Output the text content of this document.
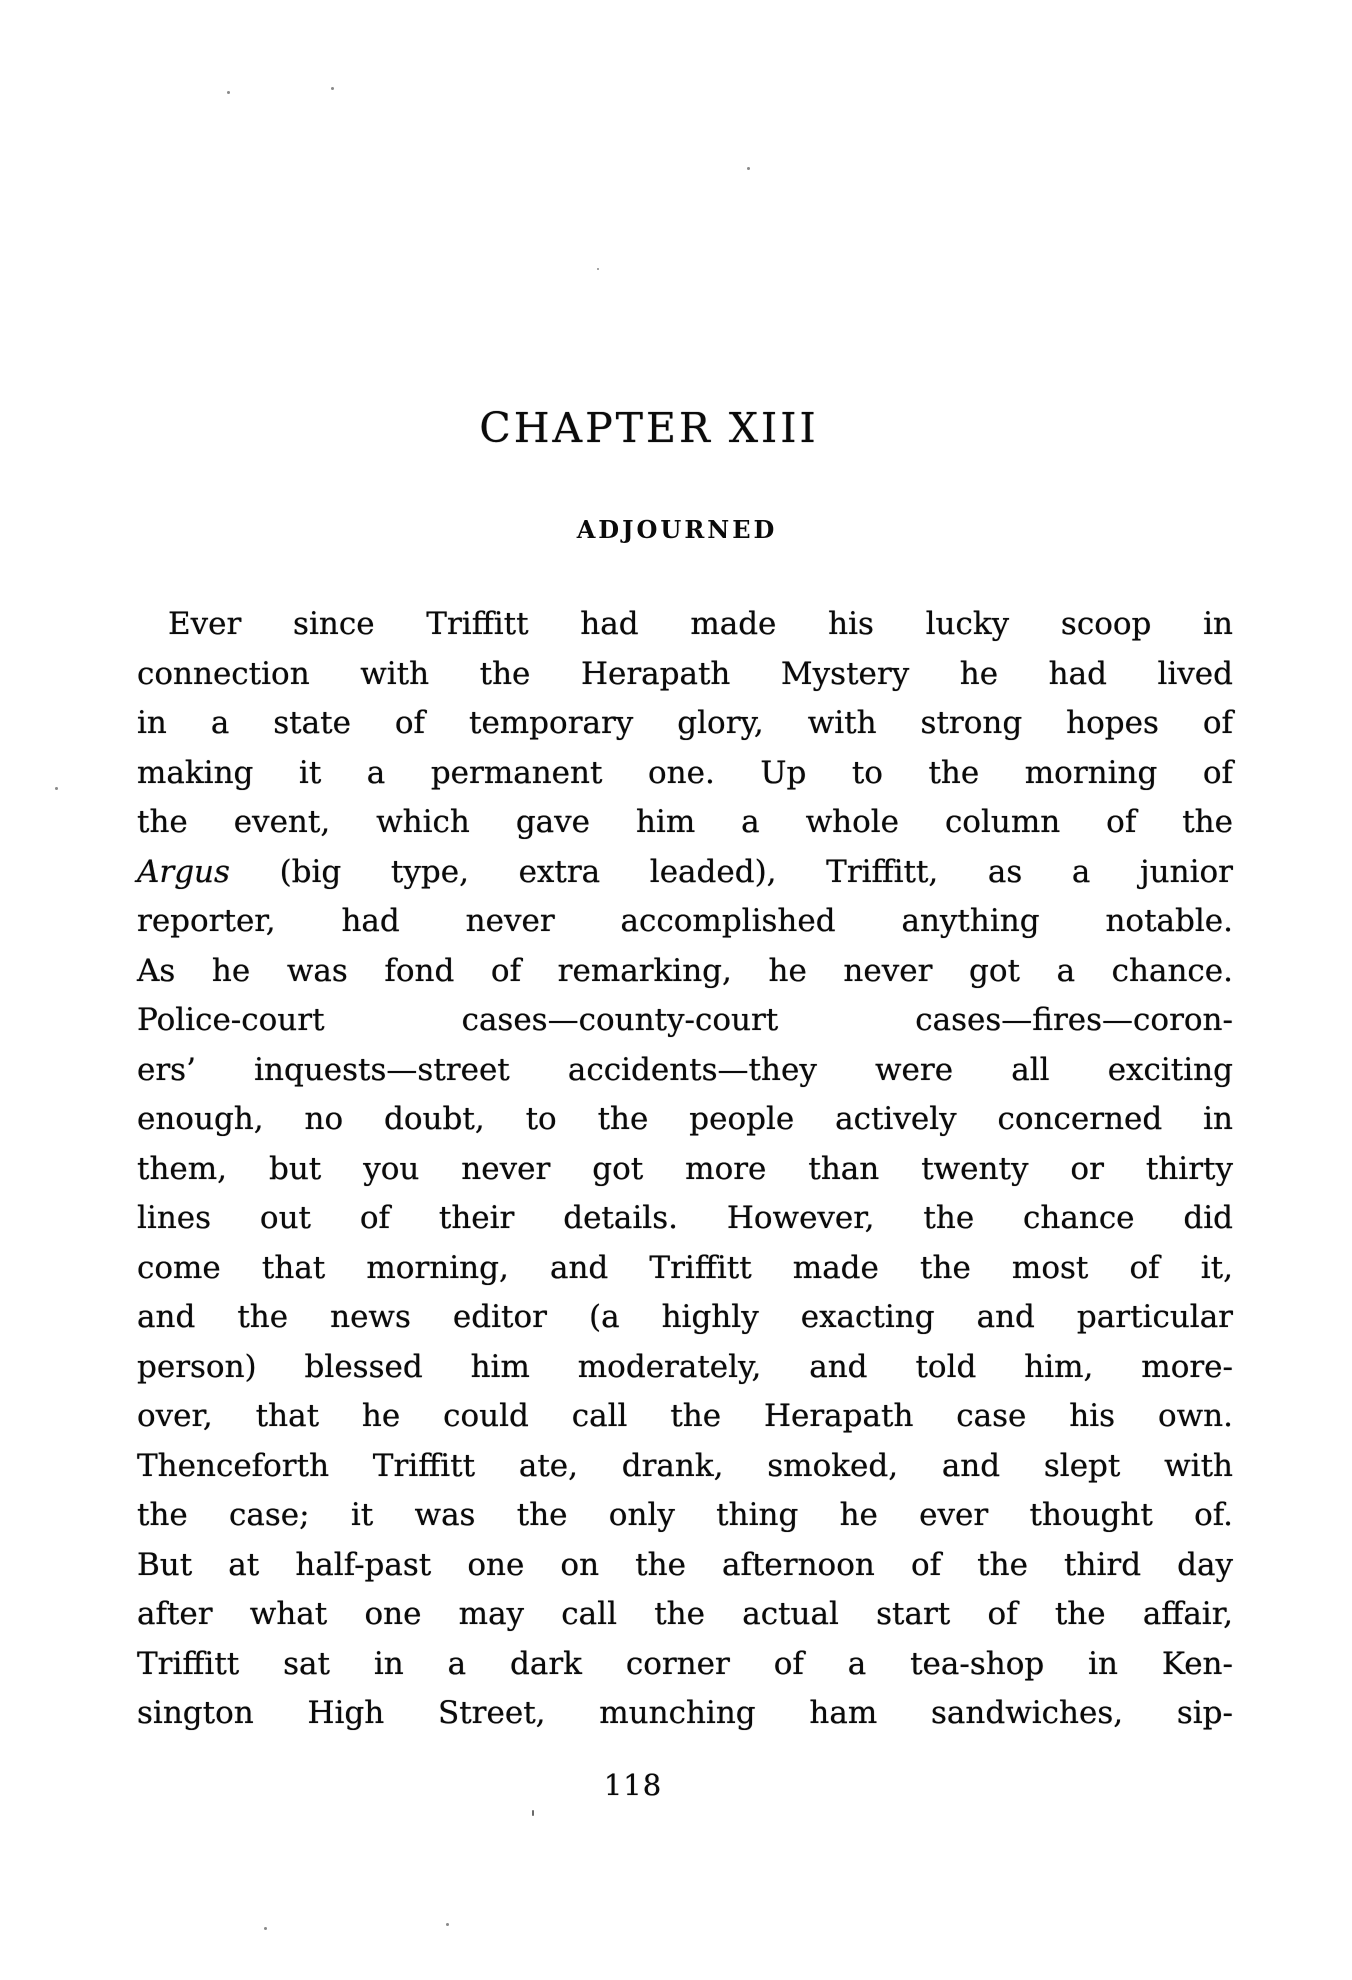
CHAPTER XIII
ADJOURNED
Ever since Triffitt had made his lucky scoop in
connection with the Herapath Mystery he had lived
in a state of temporary glory, with strong hopes of
making it a permanent one. Up to the morning of
the event, which gave him a whole column of the
Argus (big type, extra leaded), Triffitt, as a junior
reporter, had never accomplished anything notable.
As he was fond of remarking, he never got a chance.
Police-court cases—county-court cases—fires—coron-
ers’ inquests—street accidents—they were all exciting
enough, no doubt, to the people actively concerned in
them, but you never got more than twenty or thirty
lines out of their details. However, the chance did
come that morning, and Triffitt made the most of it,
and the news editor (a highly exacting and particular
person) blessed him moderately, and told him, more-
over, that he could call the Herapath case his own.
Thenceforth Triffitt ate, drank, smoked, and slept with
the case; it was the only thing he ever thought of.
But at half-past one on the afternoon of the third day
after what one may call the actual start of the affair,
Triffitt sat in a dark corner of a tea-shop in Ken-
sington High Street, munching ham sandwiches, sip-
118
